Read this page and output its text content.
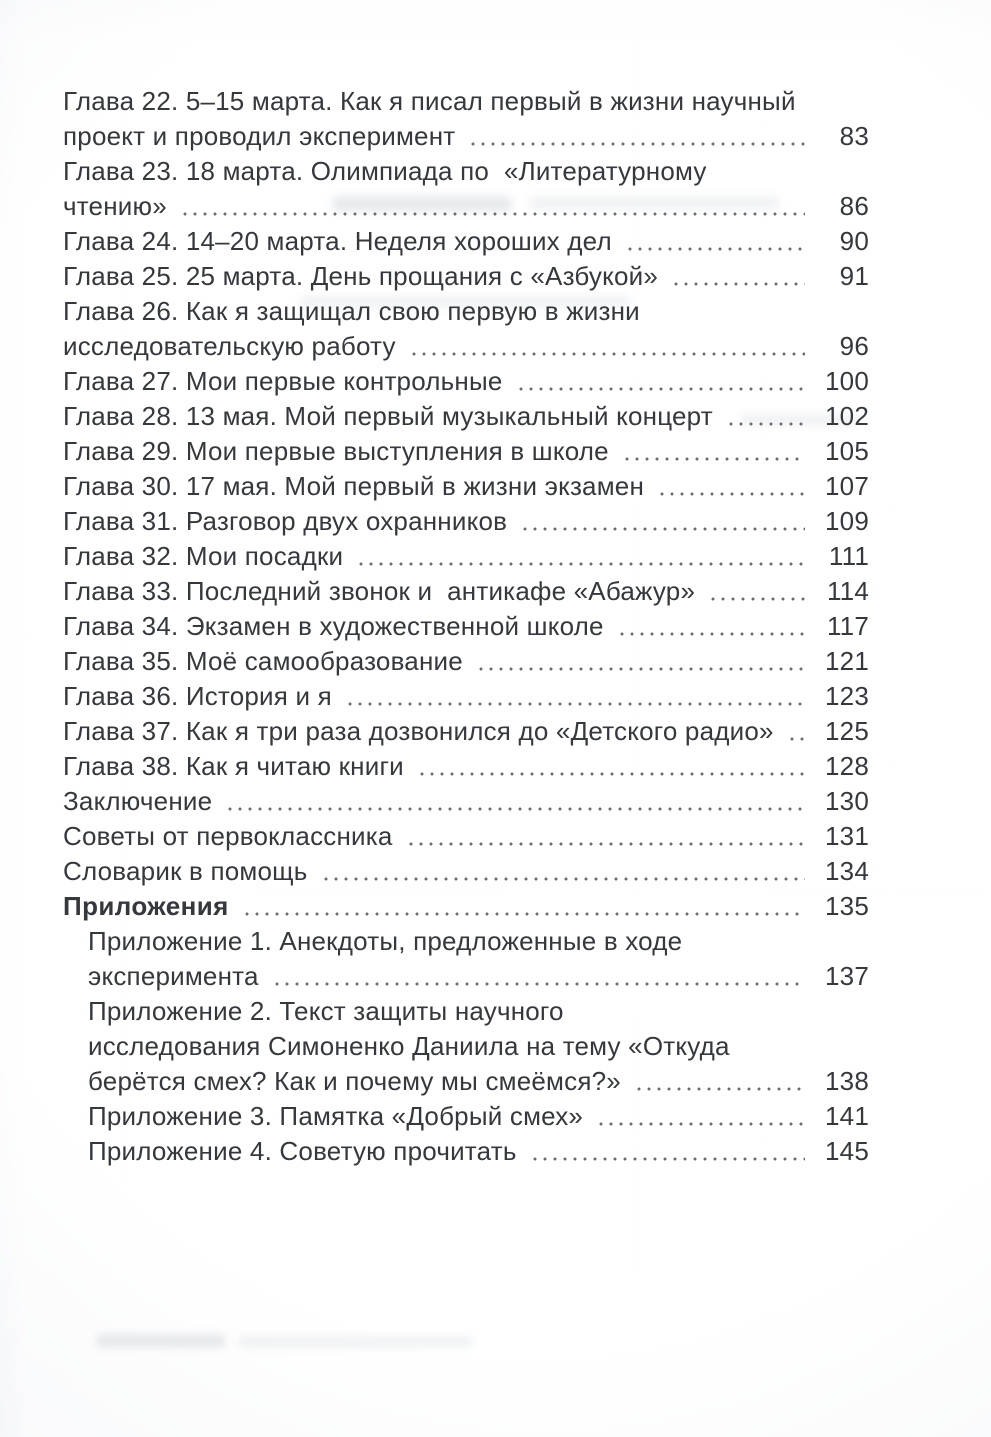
Глава 22. 5–15 марта. Как я писал первый в жизни научный
проект и проводил эксперимент	83
Глава 23. 18 марта. Олимпиада по  «Литературному
чтению»	86
Глава 24. 14–20 марта. Неделя хороших дел	90
Глава 25. 25 марта. День прощания с «Азбукой»	91
Глава 26. Как я защищал свою первую в жизни
исследовательскую работу	96
Глава 27. Мои первые контрольные	100
Глава 28. 13 мая. Мой первый музыкальный концерт	102
Глава 29. Мои первые выступления в школе	105
Глава 30. 17 мая. Мой первый в жизни экзамен	107
Глава 31. Разговор двух охранников	109
Глава 32. Мои посадки	111
Глава 33. Последний звонок и  антикафе «Абажур»	114
Глава 34. Экзамен в художественной школе	117
Глава 35. Моё самообразование	121
Глава 36. История и я	123
Глава 37. Как я три раза дозвонился до «Детского радио» 125
Глава 38. Как я читаю книги	128
Заключение	130
Советы от первоклассника	131
Словарик в помощь	134
Приложения	135
Приложение 1. Анекдоты, предложенные в ходе
эксперимента	137
Приложение 2. Текст защиты научного
исследования Симоненко Даниила на тему «Откуда
берётся смех? Как и почему мы смеёмся?»	138
Приложение 3. Памятка «Добрый смех»	141
Приложение 4. Советую прочитать	145
